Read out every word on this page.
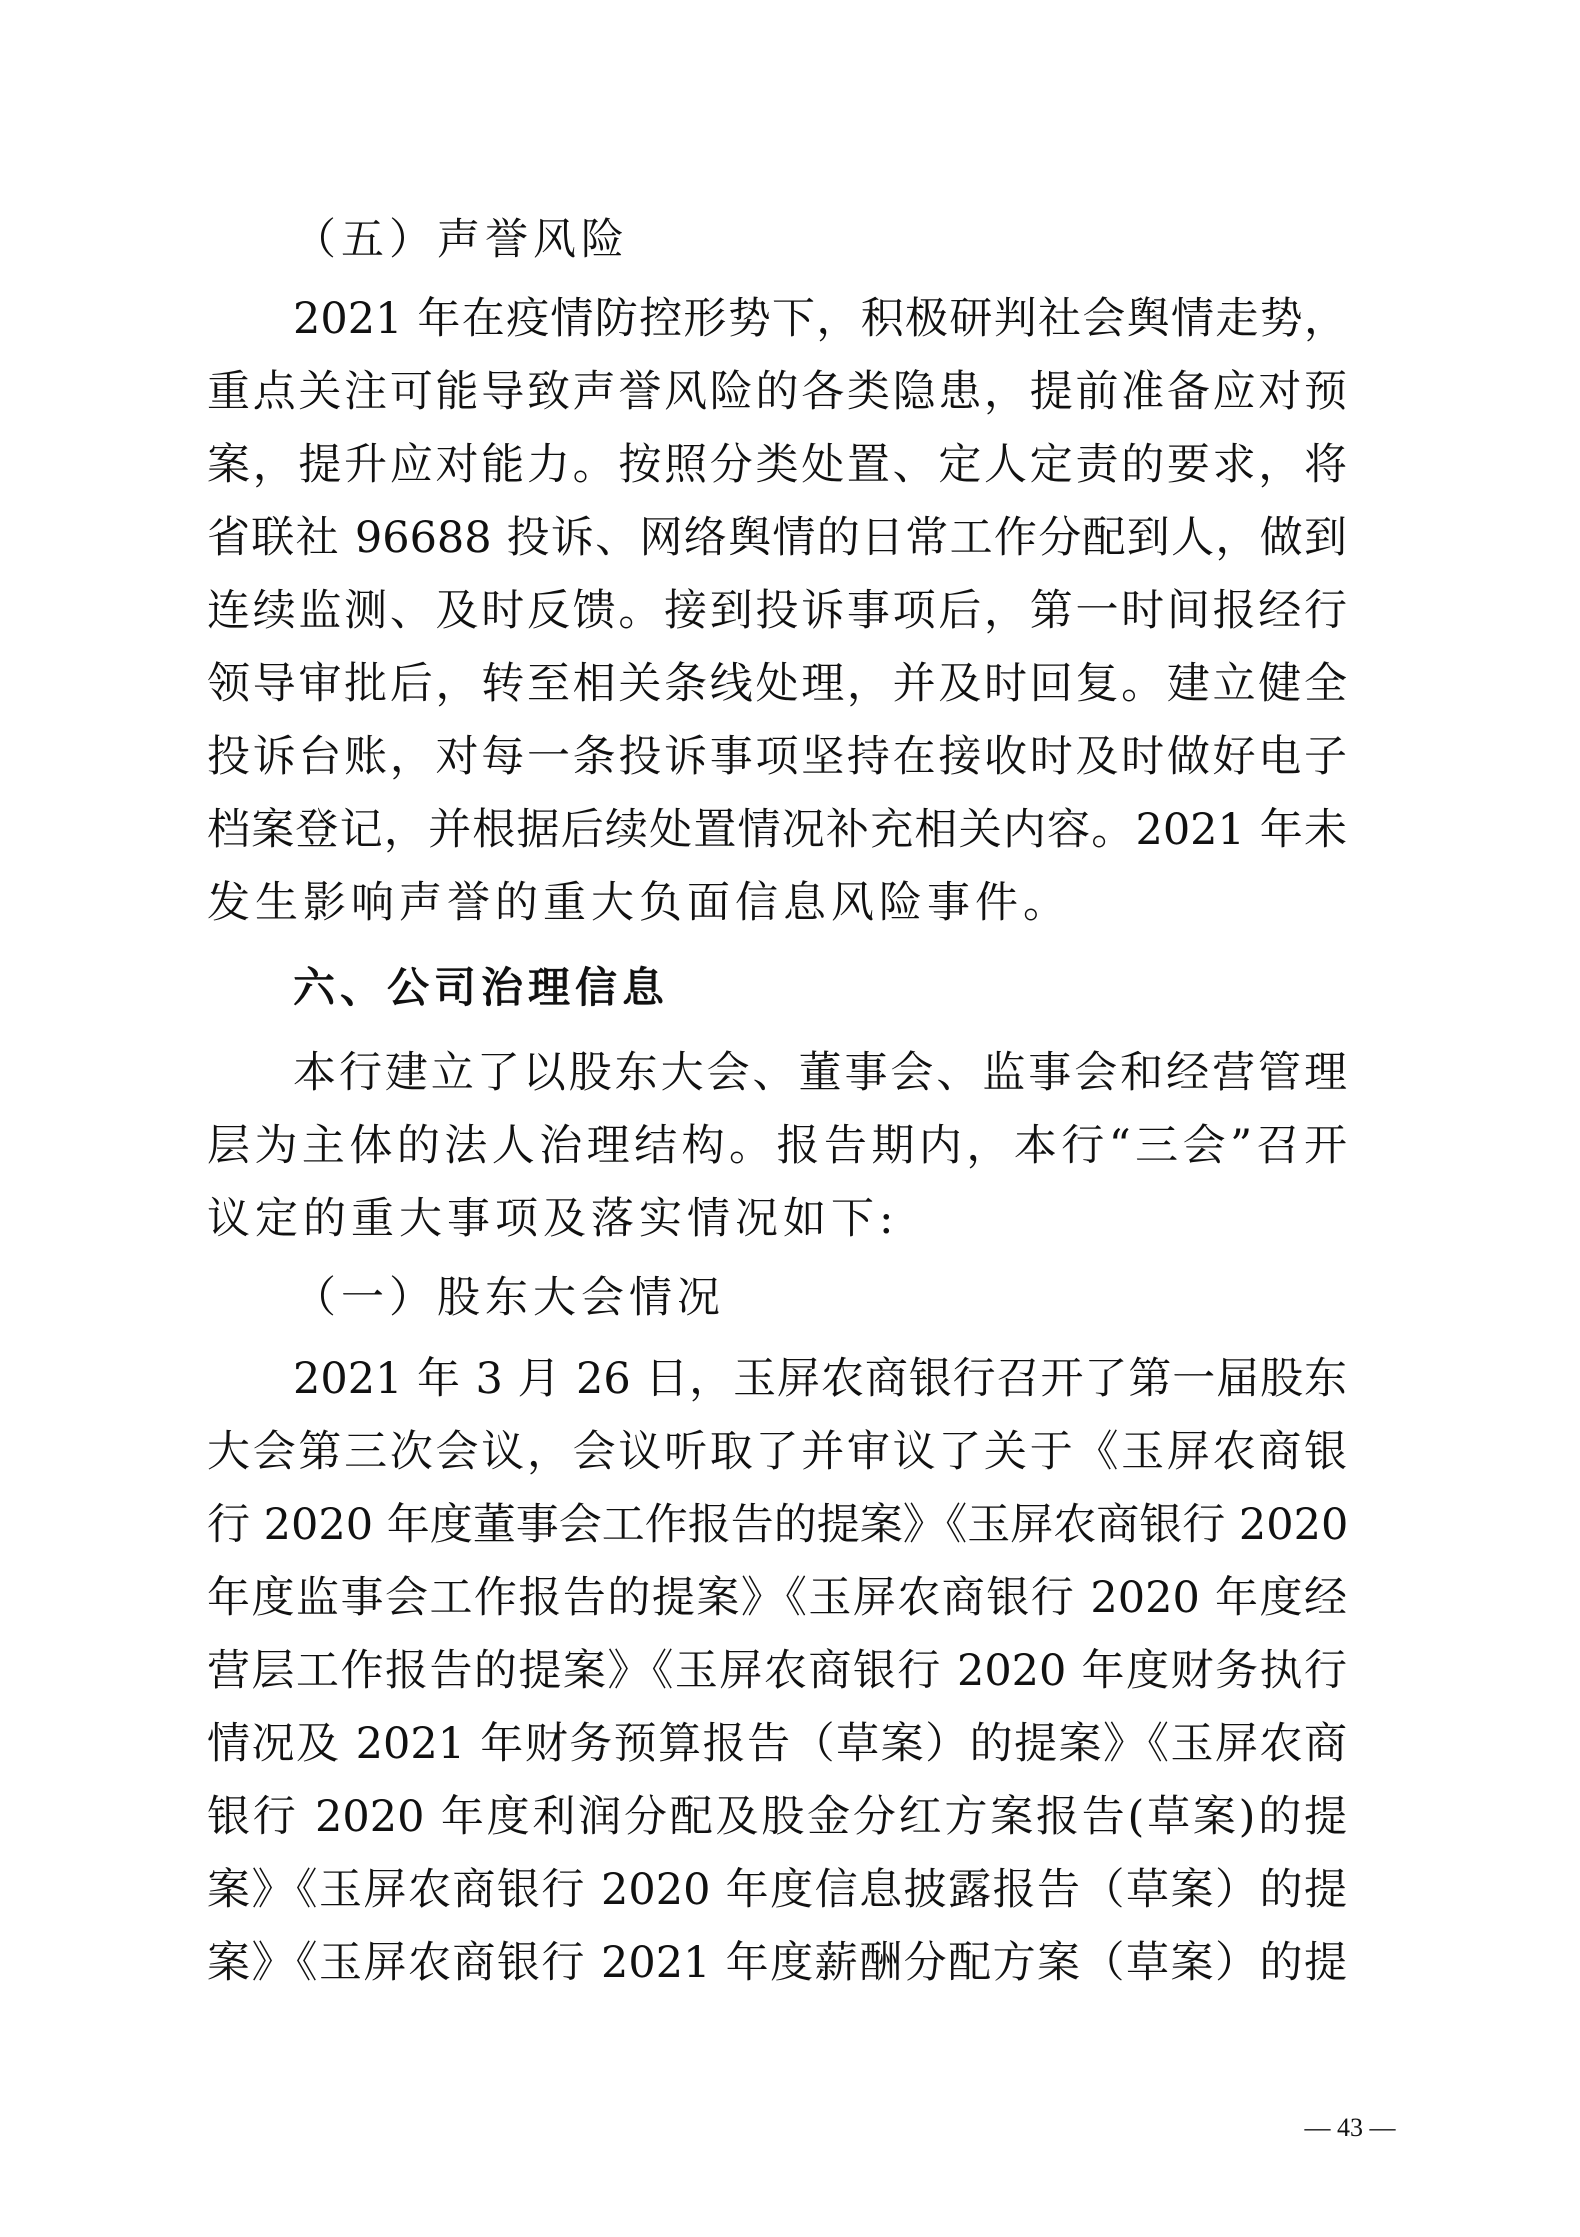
（五）声誉风险
2021 年在疫情防控形势下，积极研判社会舆情走势，
重点关注可能导致声誉风险的各类隐患，提前准备应对预
案，提升应对能力。按照分类处置、定人定责的要求，将
省联社 96688 投诉、网络舆情的日常工作分配到人，做到
连续监测、及时反馈。接到投诉事项后，第一时间报经行
领导审批后，转至相关条线处理，并及时回复。建立健全
投诉台账，对每一条投诉事项坚持在接收时及时做好电子
档案登记，并根据后续处置情况补充相关内容。2021 年未
发生影响声誉的重大负面信息风险事件。
六、公司治理信息
本行建立了以股东大会、董事会、监事会和经营管理
层为主体的法人治理结构。报告期内，本行“三会”召开
议定的重大事项及落实情况如下:
（一）股东大会情况
2021 年 3 月 26 日，玉屏农商银行召开了第一届股东
大会第三次会议，会议听取了并审议了关于《玉屏农商银
行 2020 年度董事会工作报告的提案》《玉屏农商银行 2020
年度监事会工作报告的提案》《玉屏农商银行 2020 年度经
营层工作报告的提案》《玉屏农商银行 2020 年度财务执行
情况及 2021 年财务预算报告（草案）的提案》《玉屏农商
银行 2020 年度利润分配及股金分红方案报告(草案)的提
案》《玉屏农商银行 2020 年度信息披露报告（草案）的提
案》《玉屏农商银行 2021 年度薪酬分配方案（草案）的提
— 43 —
